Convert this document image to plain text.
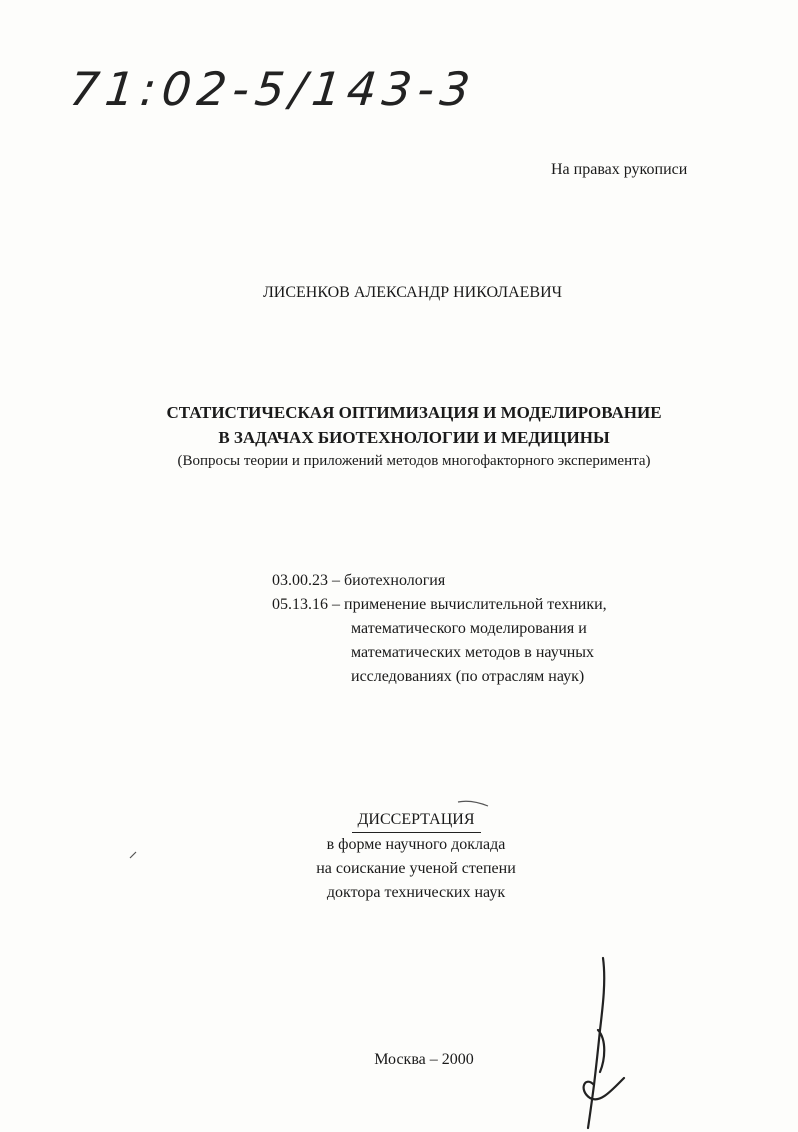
71:02-5/143-3
На правах рукописи
ЛИСЕНКОВ АЛЕКСАНДР НИКОЛАЕВИЧ
СТАТИСТИЧЕСКАЯ ОПТИМИЗАЦИЯ И МОДЕЛИРОВАНИЕ
В ЗАДАЧАХ БИОТЕХНОЛОГИИ И МЕДИЦИНЫ
(Вопросы теории и приложений методов многофакторного эксперимента)
03.00.23 – биотехнология
05.13.16 – применение вычислительной техники,
математического моделирования и
математических методов в научных
исследованиях (по отраслям наук)
ДИССЕРТАЦИЯ
в форме научного доклада
на соискание ученой степени
доктора технических наук
Москва – 2000
